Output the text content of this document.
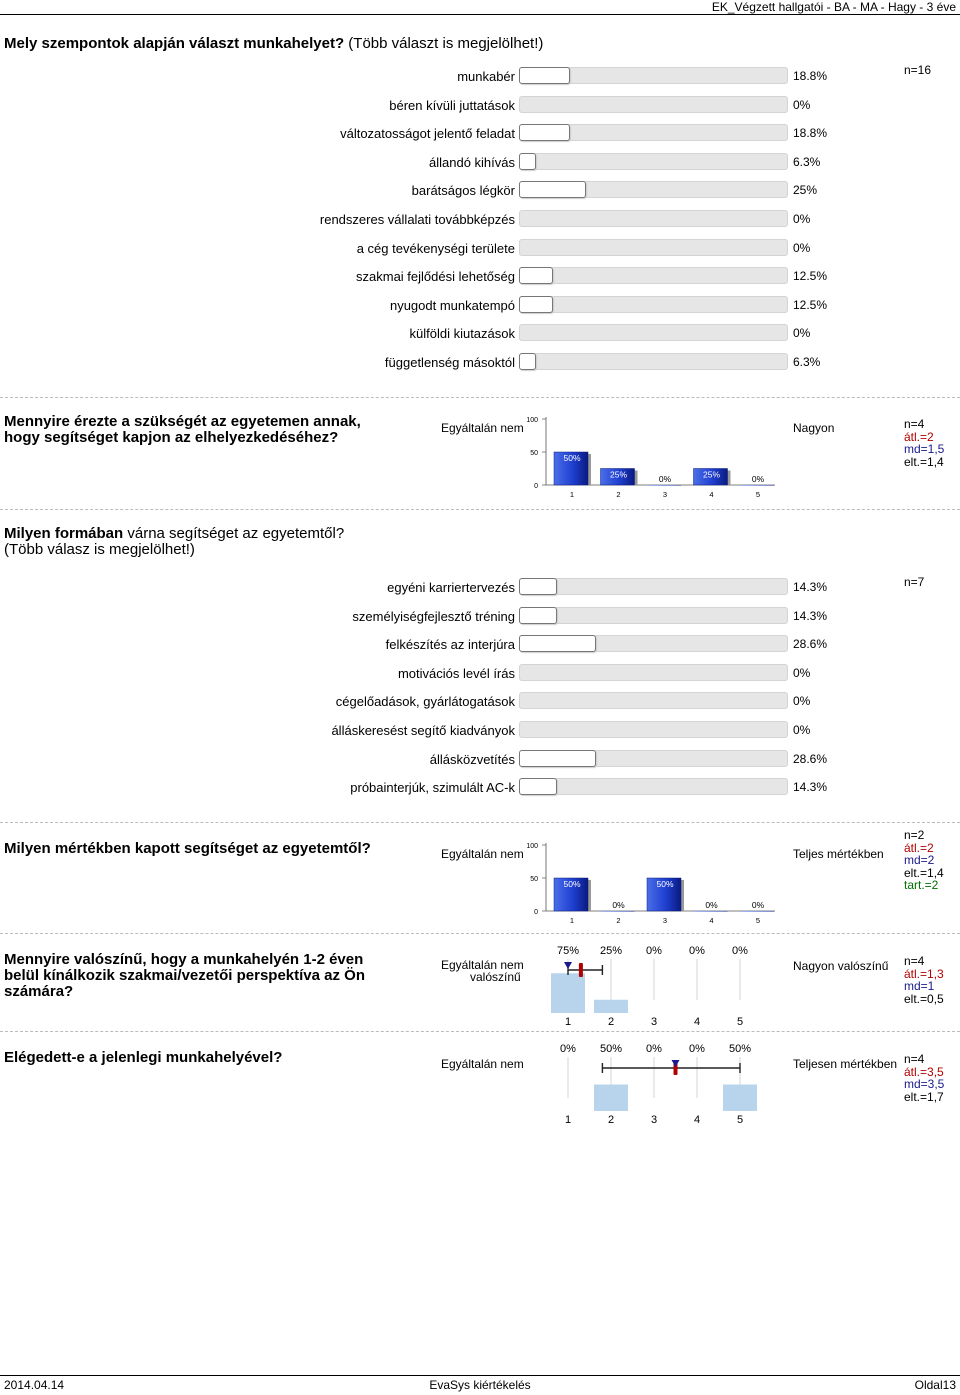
EK_Végzett hallgatói - BA - MA - Hagy - 3 éve
Mely szempontok alapján választ munkahelyet? (Több választ is megjelölhet!)
n=16
munkabér	18.8%
béren kívüli juttatások	0%
változatosságot jelentő feladat	18.8%
állandó kihívás	6.3%
barátságos légkör	25%
rendszeres vállalati továbbképzés	0%
a cég tevékenységi területe	0%
szakmai fejlődési lehetőség	12.5%
nyugodt munkatempó	12.5%
külföldi kiutazások	0%
függetlenség másoktól	6.3%
Mennyire érezte a szükségét az egyetemen annak,
hogy segítséget kapjon az elhelyezkedéséhez?
Egyáltalán nem
100
50
0
50%
1
25%
2
0%
3
25%
4
0%
5
Nagyon	n=4
átl.=2
md=1,5
elt.=1,4
Milyen formában várna segítséget az egyetemtől?
(Több válasz is megjelölhet!)
n=7
egyéni karriertervezés	14.3%
személyiségfejlesztő tréning	14.3%
felkészítés az interjúra	28.6%
motivációs levél írás	0%
cégelőadások, gyárlátogatások	0%
álláskeresést segítő kiadványok	0%
állásközvetítés	28.6%
próbainterjúk, szimulált AC-k	14.3%
Milyen mértékben kapott segítséget az egyetemtől?	Egyáltalán nem
100
50
0
50%
1
0%
2
50%
3
0%
4
0%
5
Teljes mértékben
n=2
átl.=2
md=2
elt.=1,4
tart.=2
Mennyire valószínű, hogy a munkahelyén 1-2 éven
belül kínálkozik szakmai/vezetői perspektíva az Ön
számára?
Egyáltalán nem
valószínű
75% 25% 0% 0% 0%
1	2	3	4	5
Nagyon valószínű n=4
átl.=1,3
md=1
elt.=0,5
Elégedett-e a jelenlegi munkahelyével?	Egyáltalán nem
0% 50% 0% 0% 50%
1	2	3	4	5
Teljesen mértékben n=4
átl.=3,5
md=3,5
elt.=1,7
2014.04.14	EvaSys kiértékelés	Oldal13
